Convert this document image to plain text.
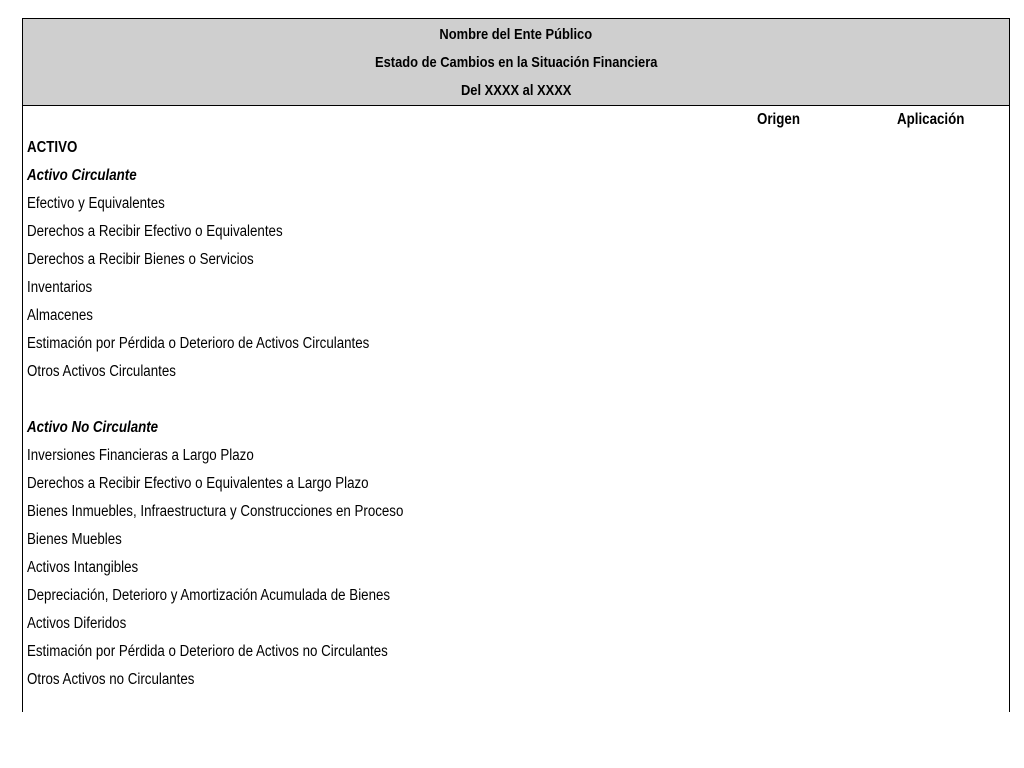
Nombre del Ente Público
Estado de Cambios en la Situación Financiera
Del XXXX al XXXX
Origen	Aplicación
ACTIVO
Activo Circulante
Efectivo y Equivalentes
Derechos a Recibir Efectivo o Equivalentes
Derechos a Recibir Bienes o Servicios
Inventarios
Almacenes
Estimación por Pérdida o Deterioro de Activos Circulantes
Otros Activos Circulantes
Activo No Circulante
Inversiones Financieras a Largo Plazo
Derechos a Recibir Efectivo o Equivalentes a Largo Plazo
Bienes Inmuebles, Infraestructura y Construcciones en Proceso
Bienes Muebles
Activos Intangibles
Depreciación, Deterioro y Amortización Acumulada de Bienes
Activos Diferidos
Estimación por Pérdida o Deterioro de Activos no Circulantes
Otros Activos no Circulantes
